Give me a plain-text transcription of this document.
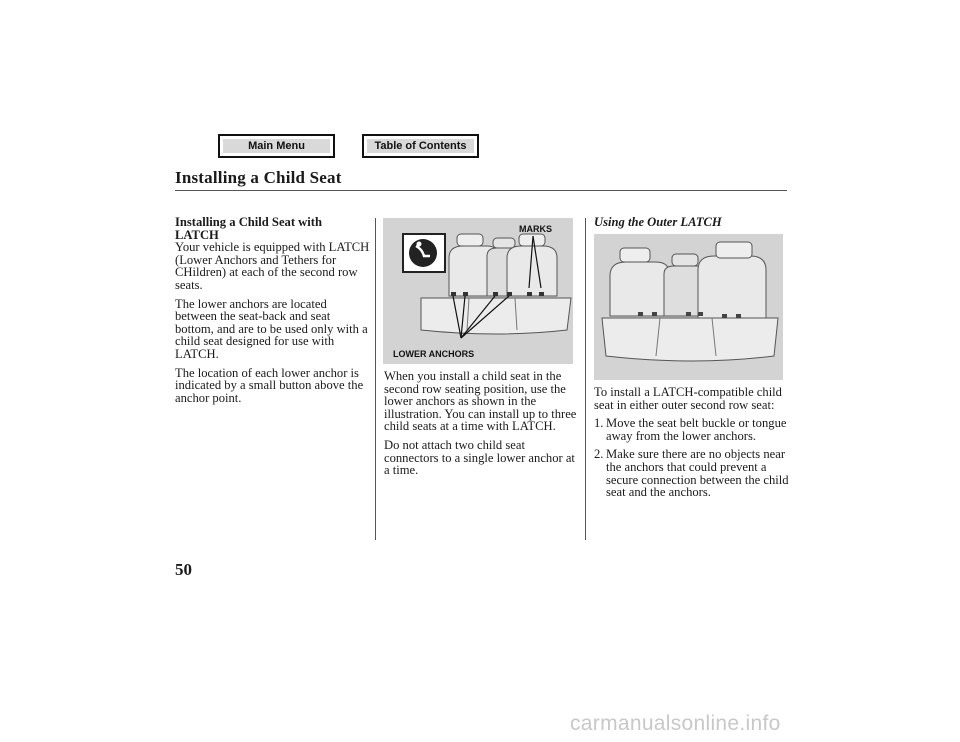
Main Menu	Table of Contents
Installing a Child Seat
Installing a Child Seat with
LATCH

Your vehicle is equipped with LATCH (Lower Anchors and Tethers for CHildren) at each of the second row seats.

The lower anchors are located between the seat-back and seat bottom, and are to be used only with a child seat designed for use with LATCH.

The location of each lower anchor is indicated by a small button above the anchor point.

MARKS
LOWER ANCHORS

When you install a child seat in the second row seating position, use the lower anchors as shown in the illustration. You can install up to three child seats at a time with LATCH.

Do not attach two child seat connectors to a single lower anchor at a time.

Using the Outer LATCH

To install a LATCH-compatible child seat in either outer second row seat:

1. Move the seat belt buckle or tongue away from the lower anchors.
2. Make sure there are no objects near the anchors that could prevent a secure connection between the child seat and the anchors.
50
carmanualsonline.info
